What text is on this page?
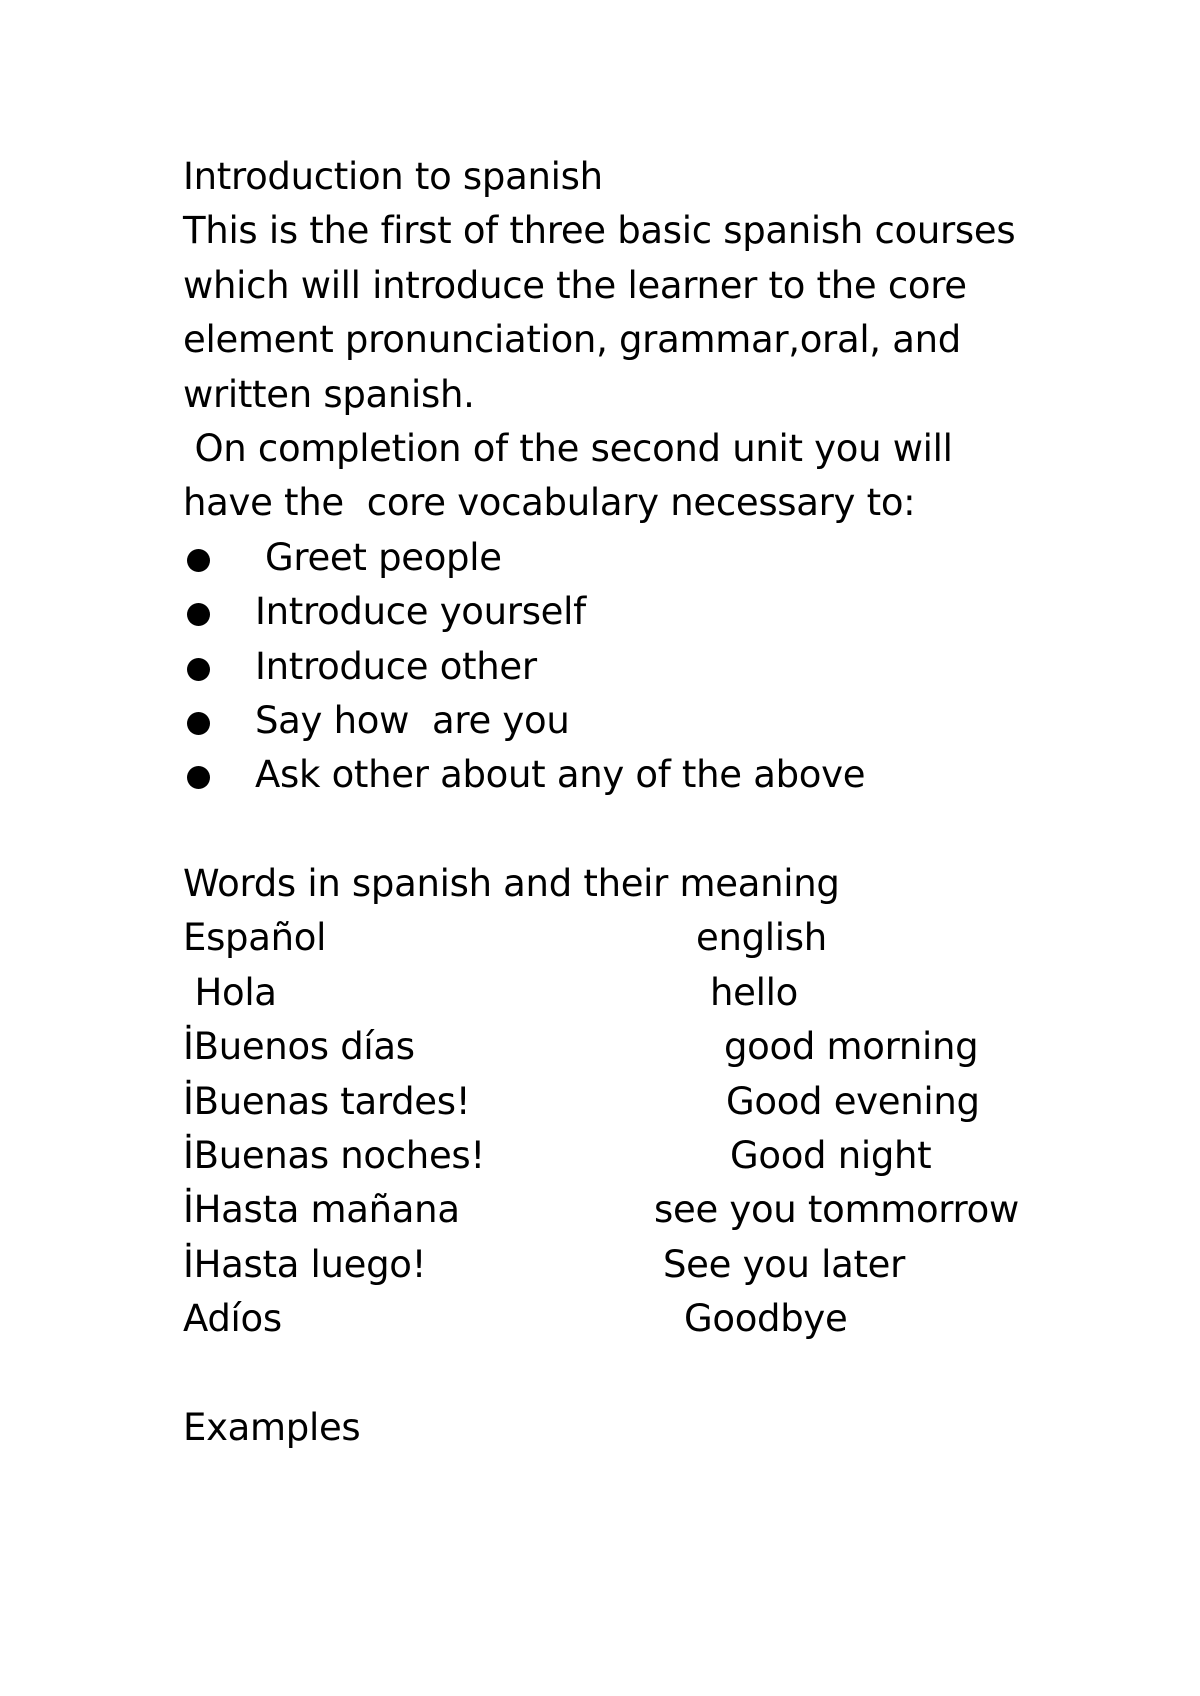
Introduction to spanish
This is the first of three basic spanish courses
which will introduce the learner to the core
element pronunciation, grammar,oral, and
written spanish.
On completion of the second unit you will
have the  core vocabulary necessary to:

Greet people

Introduce yourself

Introduce other

Say how  are you

Ask other about any of the above

Words in spanish and their meaning
Español	english
Hola	hello
İBuenos días	good morning
İBuenas tardes!	Good evening
İBuenas noches!	Good night
İHasta mañana	see you tommorrow
İHasta luego!	See you later
Adíos	Goodbye
Examples
